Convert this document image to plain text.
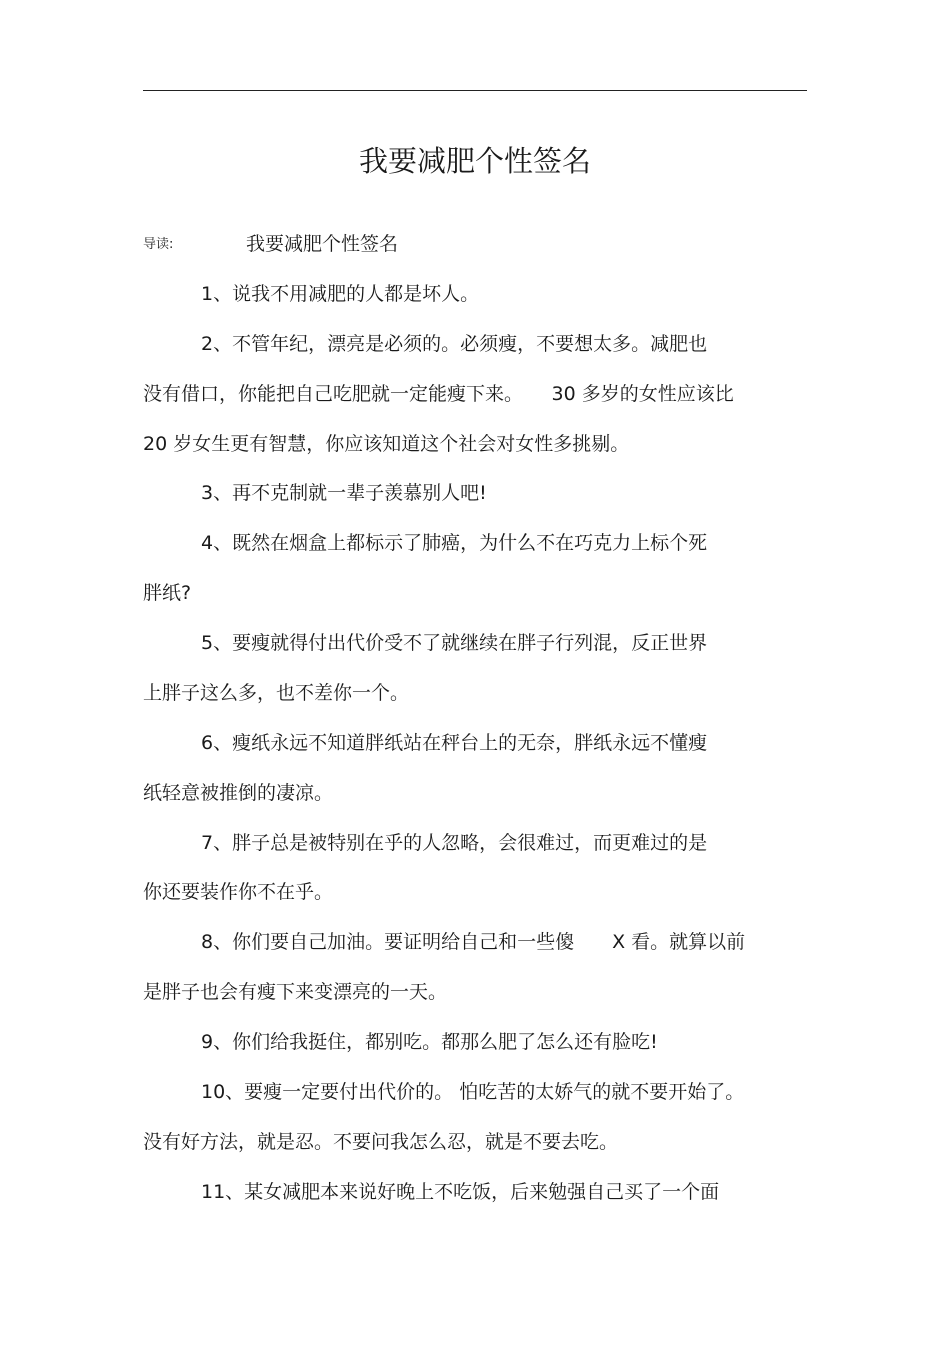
我要减肥个性签名
导读:	我要减肥个性签名
1、说我不用减肥的人都是坏人。
2、不管年纪，漂亮是必须的。必须瘦，不要想太多。减肥也
没有借口，你能把自己吃肥就一定能瘦下来。　　30 多岁的女性应该比
20 岁女生更有智慧，你应该知道这个社会对女性多挑剔。
3、再不克制就一辈子羡慕别人吧!
4、既然在烟盒上都标示了肺癌，为什么不在巧克力上标个死
胖纸?
5、要瘦就得付出代价受不了就继续在胖子行列混，反正世界
上胖子这么多，也不差你一个。
6、瘦纸永远不知道胖纸站在秤台上的无奈，胖纸永远不懂瘦
纸轻意被推倒的凄凉。
7、胖子总是被特别在乎的人忽略，会很难过，而更难过的是
你还要装作你不在乎。
8、你们要自己加油。要证明给自己和一些傻　　X 看。就算以前
是胖子也会有瘦下来变漂亮的一天。
9、你们给我挺住，都别吃。都那么肥了怎么还有脸吃!
10、要瘦一定要付出代价的。 怕吃苦的太娇气的就不要开始了。
没有好方法，就是忍。不要问我怎么忍，就是不要去吃。
11、某女减肥本来说好晚上不吃饭，后来勉强自己买了一个面
